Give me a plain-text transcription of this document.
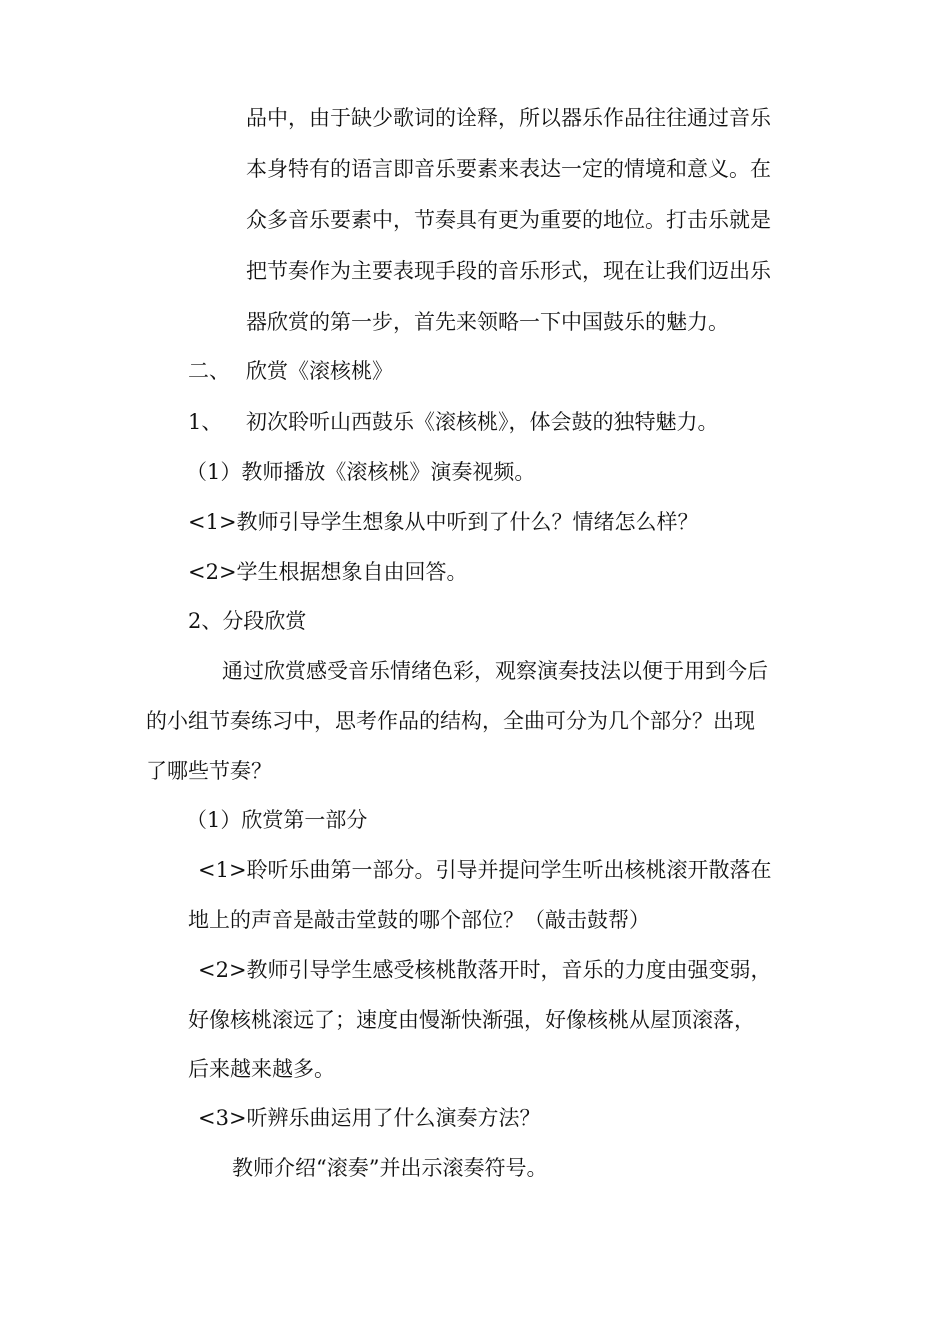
品中，由于缺少歌词的诠释，所以器乐作品往往通过音乐
本身特有的语言即音乐要素来表达一定的情境和意义。在
众多音乐要素中，节奏具有更为重要的地位。打击乐就是
把节奏作为主要表现手段的音乐形式，现在让我们迈出乐
器欣赏的第一步，首先来领略一下中国鼓乐的魅力。
二、 欣赏《滚核桃》
1、 初次聆听山西鼓乐《滚核桃》，体会鼓的独特魅力。
（1）教师播放《滚核桃》演奏视频。
<1>教师引导学生想象从中听到了什么？情绪怎么样？
<2>学生根据想象自由回答。
2、分段欣赏
通过欣赏感受音乐情绪色彩，观察演奏技法以便于用到今后
的小组节奏练习中，思考作品的结构，全曲可分为几个部分？出现
了哪些节奏？
（1）欣赏第一部分
<1>聆听乐曲第一部分。引导并提问学生听出核桃滚开散落在
地上的声音是敲击堂鼓的哪个部位？（敲击鼓帮）
<2>教师引导学生感受核桃散落开时，音乐的力度由强变弱，
好像核桃滚远了；速度由慢渐快渐强，好像核桃从屋顶滚落，
后来越来越多。
<3>听辨乐曲运用了什么演奏方法？
教师介绍“滚奏”并出示滚奏符号。
